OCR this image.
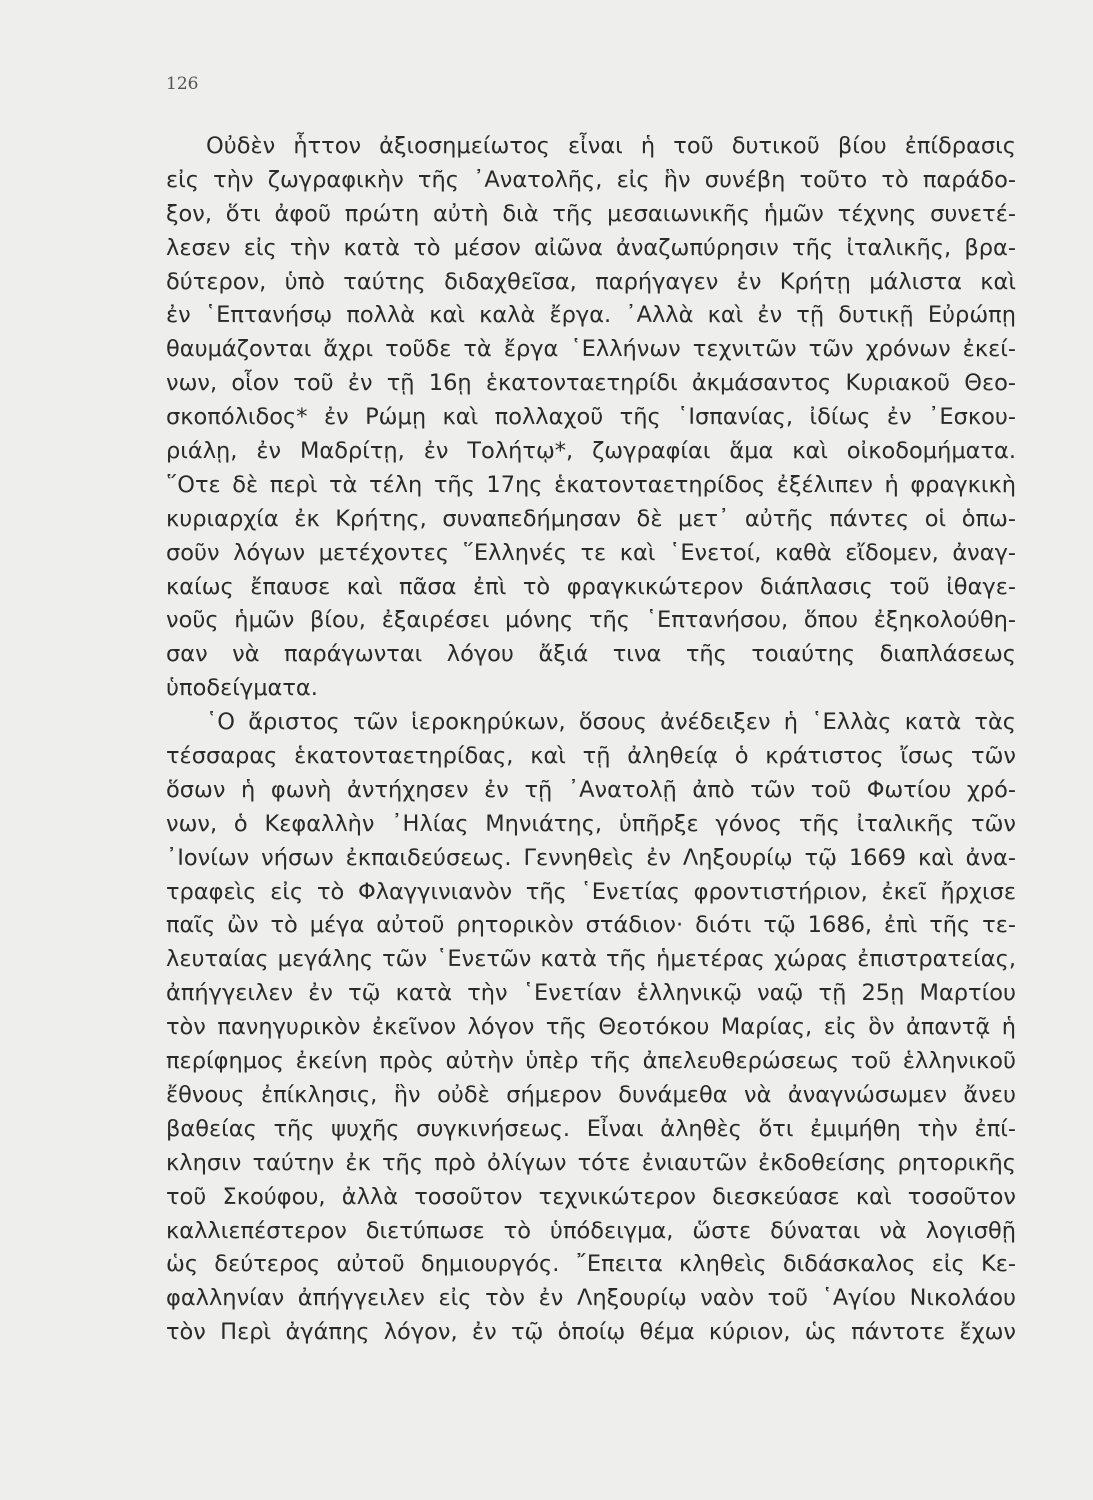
126
Οὐδὲν ἧττον ἀξιοσημείωτος εἶναι ἡ τοῦ δυτικοῦ βίου ἐπίδρασις
εἰς τὴν ζωγραφικὴν τῆς ᾿Ανατολῆς, εἰς ἣν συνέβη τοῦτο τὸ παράδο-
ξον, ὅτι ἀφοῦ πρώτη αὐτὴ διὰ τῆς μεσαιωνικῆς ἡμῶν τέχνης συνετέ-
λεσεν εἰς τὴν κατὰ τὸ μέσον αἰῶνα ἀναζωπύρησιν τῆς ἰταλικῆς, βρα-
δύτερον, ὑπὸ ταύτης διδαχθεῖσα, παρήγαγεν ἐν Κρήτῃ μάλιστα καὶ
ἐν ῾Επτανήσῳ πολλὰ καὶ καλὰ ἔργα. ᾿Αλλὰ καὶ ἐν τῇ δυτικῇ Εὐρώπῃ
θαυμάζονται ἄχρι τοῦδε τὰ ἔργα ῾Ελλήνων τεχνιτῶν τῶν χρόνων ἐκεί-
νων, οἷον τοῦ ἐν τῇ 16ῃ ἑκατονταετηρίδι ἀκμάσαντος Κυριακοῦ Θεο-
σκοπόλιδος* ἐν Ρώμῃ καὶ πολλαχοῦ τῆς ῾Ισπανίας, ἰδίως ἐν ᾿Εσκου-
ριάλῃ, ἐν Μαδρίτῃ, ἐν Τολήτῳ*, ζωγραφίαι ἅμα καὶ οἰκοδομήματα.
῞Οτε δὲ περὶ τὰ τέλη τῆς 17ης ἑκατονταετηρίδος ἐξέλιπεν ἡ φραγκικὴ
κυριαρχία ἐκ Κρήτης, συναπεδήμησαν δὲ μετ᾿ αὐτῆς πάντες οἱ ὁπω-
σοῦν λόγων μετέχοντες ῞Ελληνές τε καὶ ῾Ενετοί, καθὰ εἴδομεν, ἀναγ-
καίως ἔπαυσε καὶ πᾶσα ἐπὶ τὸ φραγκικώτερον διάπλασις τοῦ ἰθαγε-
νοῦς ἡμῶν βίου, ἐξαιρέσει μόνης τῆς ῾Επτανήσου, ὅπου ἐξηκολούθη-
σαν νὰ παράγωνται λόγου ἄξιά τινα τῆς τοιαύτης διαπλάσεως
ὑποδείγματα.
῾Ο ἄριστος τῶν ἱεροκηρύκων, ὅσους ἀνέδειξεν ἡ ῾Ελλὰς κατὰ τὰς
τέσσαρας ἑκατονταετηρίδας, καὶ τῇ ἀληθείᾳ ὁ κράτιστος ἴσως τῶν
ὅσων ἡ φωνὴ ἀντήχησεν ἐν τῇ ᾿Ανατολῇ ἀπὸ τῶν τοῦ Φωτίου χρό-
νων, ὁ Κεφαλλὴν ᾿Ηλίας Μηνιάτης, ὑπῆρξε γόνος τῆς ἰταλικῆς τῶν
᾿Ιονίων νήσων ἐκπαιδεύσεως. Γεννηθεὶς ἐν Ληξουρίῳ τῷ 1669 καὶ ἀνα-
τραφεὶς εἰς τὸ Φλαγγινιανὸν τῆς ῾Ενετίας φροντιστήριον, ἐκεῖ ἤρχισε
παῖς ὢν τὸ μέγα αὐτοῦ ρητορικὸν στάδιον· διότι τῷ 1686, ἐπὶ τῆς τε-
λευταίας μεγάλης τῶν ῾Ενετῶν κατὰ τῆς ἡμετέρας χώρας ἐπιστρατείας,
ἀπήγγειλεν ἐν τῷ κατὰ τὴν ῾Ενετίαν ἑλληνικῷ ναῷ τῇ 25ῃ Μαρτίου
τὸν πανηγυρικὸν ἐκεῖνον λόγον τῆς Θεοτόκου Μαρίας, εἰς ὃν ἀπαντᾷ ἡ
περίφημος ἐκείνη πρὸς αὐτὴν ὑπὲρ τῆς ἀπελευθερώσεως τοῦ ἑλληνικοῦ
ἔθνους ἐπίκλησις, ἣν οὐδὲ σήμερον δυνάμεθα νὰ ἀναγνώσωμεν ἄνευ
βαθείας τῆς ψυχῆς συγκινήσεως. Εἶναι ἀληθὲς ὅτι ἐμιμήθη τὴν ἐπί-
κλησιν ταύτην ἐκ τῆς πρὸ ὀλίγων τότε ἐνιαυτῶν ἐκδοθείσης ρητορικῆς
τοῦ Σκούφου, ἀλλὰ τοσοῦτον τεχνικώτερον διεσκεύασε καὶ τοσοῦτον
καλλιεπέστερον διετύπωσε τὸ ὑπόδειγμα, ὥστε δύναται νὰ λογισθῇ
ὡς δεύτερος αὐτοῦ δημιουργός. ῎Επειτα κληθεὶς διδάσκαλος εἰς Κε-
φαλληνίαν ἀπήγγειλεν εἰς τὸν ἐν Ληξουρίῳ ναὸν τοῦ ῾Αγίου Νικολάου
τὸν Περὶ ἀγάπης λόγον, ἐν τῷ ὁποίῳ θέμα κύριον, ὡς πάντοτε ἔχων
